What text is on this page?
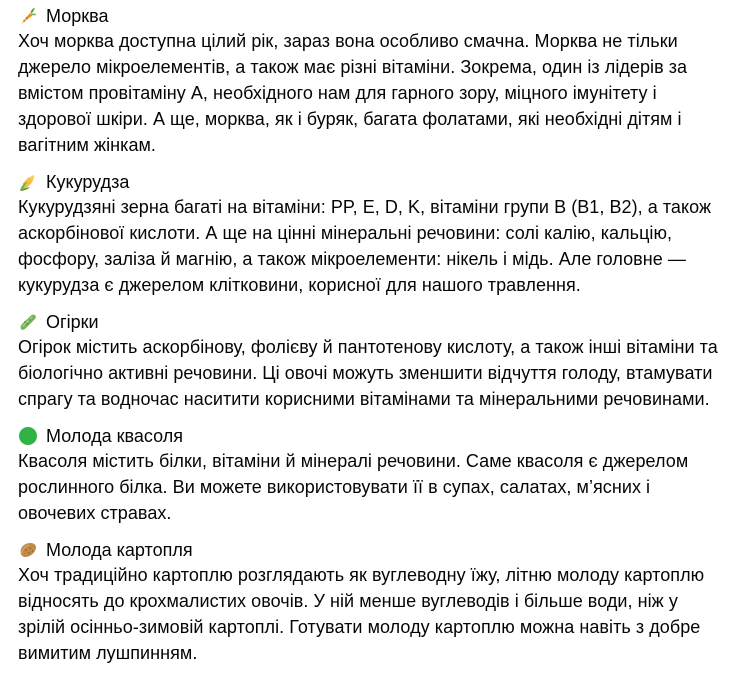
Морква

Хоч морква доступна цілий рік, зараз вона особливо смачна. Морква не тільки джерело мікроелементів, а також має різні вітаміни. Зокрема, один із лідерів за вмістом провітаміну А, необхідного нам для гарного зору, міцного імунітету і здорової шкіри. А ще, морква, як і буряк, багата фолатами, які необхідні дітям і вагітним жінкам.

Кукурудза

Кукурудзяні зерна багаті на вітаміни: PP, E, D, K, вітаміни групи В (В1, В2), а також аскорбінової кислоти. А ще на цінні мінеральні речовини: солі калію, кальцію, фосфору, заліза й магнію, а також мікроелементи: нікель і мідь. Але головне — кукурудза є джерелом клітковини, корисної для нашого травлення.

Огірки

Огірок містить аскорбінову, фолієву й пантотенову кислоту, а також інші вітаміни та біологічно активні речовини. Ці овочі можуть зменшити відчуття голоду, втамувати спрагу та водночас наситити корисними вітамінами та мінеральними речовинами.

Молода квасоля

Квасоля містить білки, вітаміни й мінералі речовини. Саме квасоля є джерелом рослинного білка. Ви можете використовувати її в супах, салатах, м’ясних і овочевих стравах.

Молода картопля

Хоч традиційно картоплю розглядають як вуглеводну їжу, літню молоду картоплю відносять до крохмалистих овочів. У ній менше вуглеводів і більше води, ніж у зрілій осінньо-зимовій картоплі. Готувати молоду картоплю можна навіть з добре вимитим лушпинням.
